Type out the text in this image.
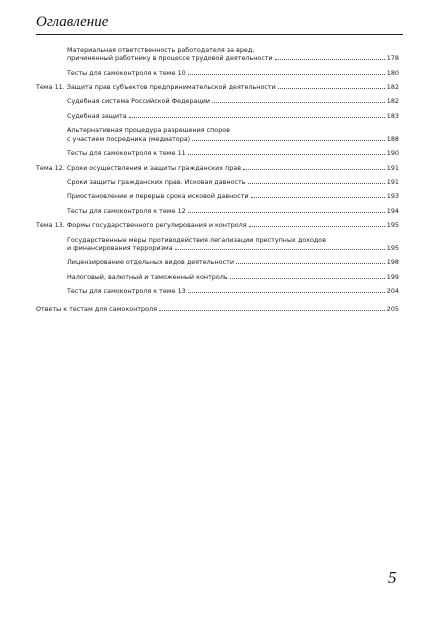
Оглавление
Материальная ответственность работодателя за вред,
причиненный работнику в процессе трудовой деятельности	178
Тесты для самоконтроля к теме 10	180
Тема 11. Защита прав субъектов предпринимательской деятельности	182
Судебная система Российской Федерации	182
Судебная защита	183
Альтернативная процедура разрешения споров
с участием посредника (медиатора)	188
Тесты для самоконтроля к теме 11	190
Тема 12. Сроки осуществления и защиты гражданских прав	191
Сроки защиты гражданских прав. Исковая давность	191
Приостановление и перерыв срока исковой давности	193
Тесты для самоконтроля к теме 12	194
Тема 13. Формы государственного регулирования и контроля	195
Государственные меры противодействия легализации преступных доходов
и финансирования терроризма	195
Лицензирование отдельных видов деятельности	198
Налоговый, валютный и таможенный контроль	199
Тесты для самоконтроля к теме 13	204
Ответы к тестам для самоконтроля	205
5
